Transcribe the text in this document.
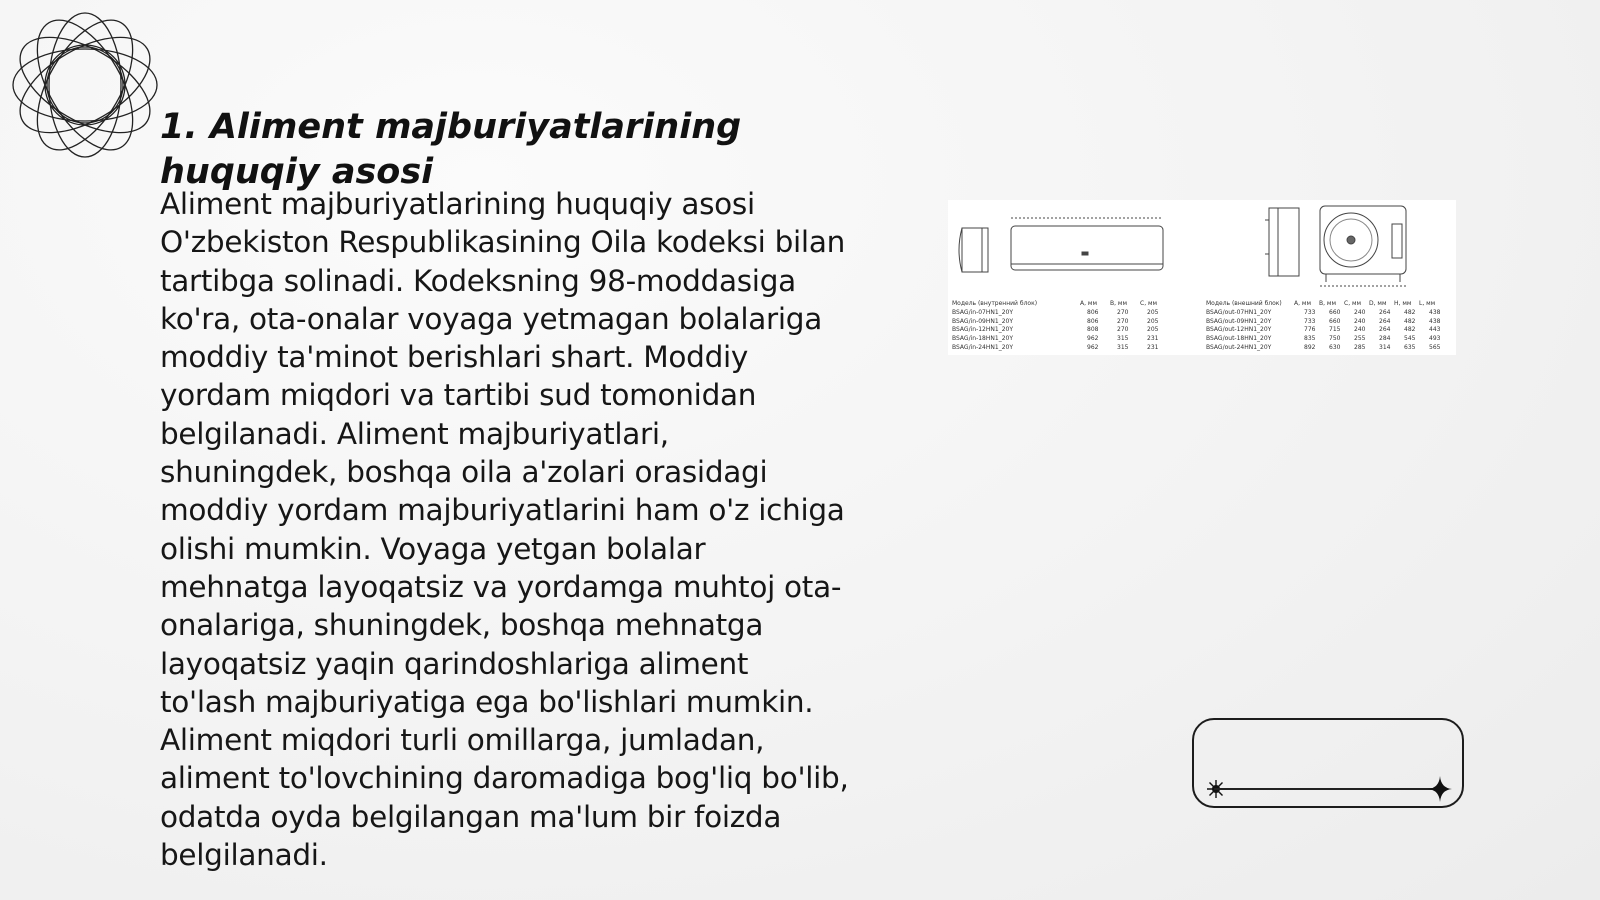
1. Aliment majburiyatlarining huquqiy asosi

Aliment majburiyatlarining huquqiy asosi O'zbekiston Respublikasining Oila kodeksi bilan tartibga solinadi. Kodeksning 98-moddasiga ko'ra, ota-onalar voyaga yetmagan bolalariga moddiy ta'minot berishlari shart. Moddiy yordam miqdori va tartibi sud tomonidan belgilanadi. Aliment majburiyatlari, shuningdek, boshqa oila a'zolari orasidagi moddiy yordam majburiyatlarini ham o'z ichiga olishi mumkin. Voyaga yetgan bolalar mehnatga layoqatsiz va yordamga muhtoj ota-onalariga, shuningdek, boshqa mehnatga layoqatsiz yaqin qarindoshlariga aliment to'lash majburiyatiga ega bo'lishlari mumkin. Aliment miqdori turli omillarga, jumladan, aliment to'lovchining daromadiga bog'liq bo'lib, odatda oyda belgilangan ma'lum bir foizda belgilanadi.

Модель (внутренний блок)	A, мм	B, мм	C, мм
BSAG/in-07HN1_20Y	806	270	205
BSAG/in-09HN1_20Y	806	270	205
BSAG/in-12HN1_20Y	808	270	205
BSAG/in-18HN1_20Y	962	315	231
BSAG/in-24HN1_20Y	962	315	231
Модель (внешний блок)	A, мм	B, мм	C, мм	D, мм	H, мм	L, мм
BSAG/out-07HN1_20Y	733	660	240	264	482	438
BSAG/out-09HN1_20Y	733	660	240	264	482	438
BSAG/out-12HN1_20Y	776	715	240	264	482	443
BSAG/out-18HN1_20Y	835	750	255	284	545	493
BSAG/out-24HN1_20Y	892	630	285	314	635	565
